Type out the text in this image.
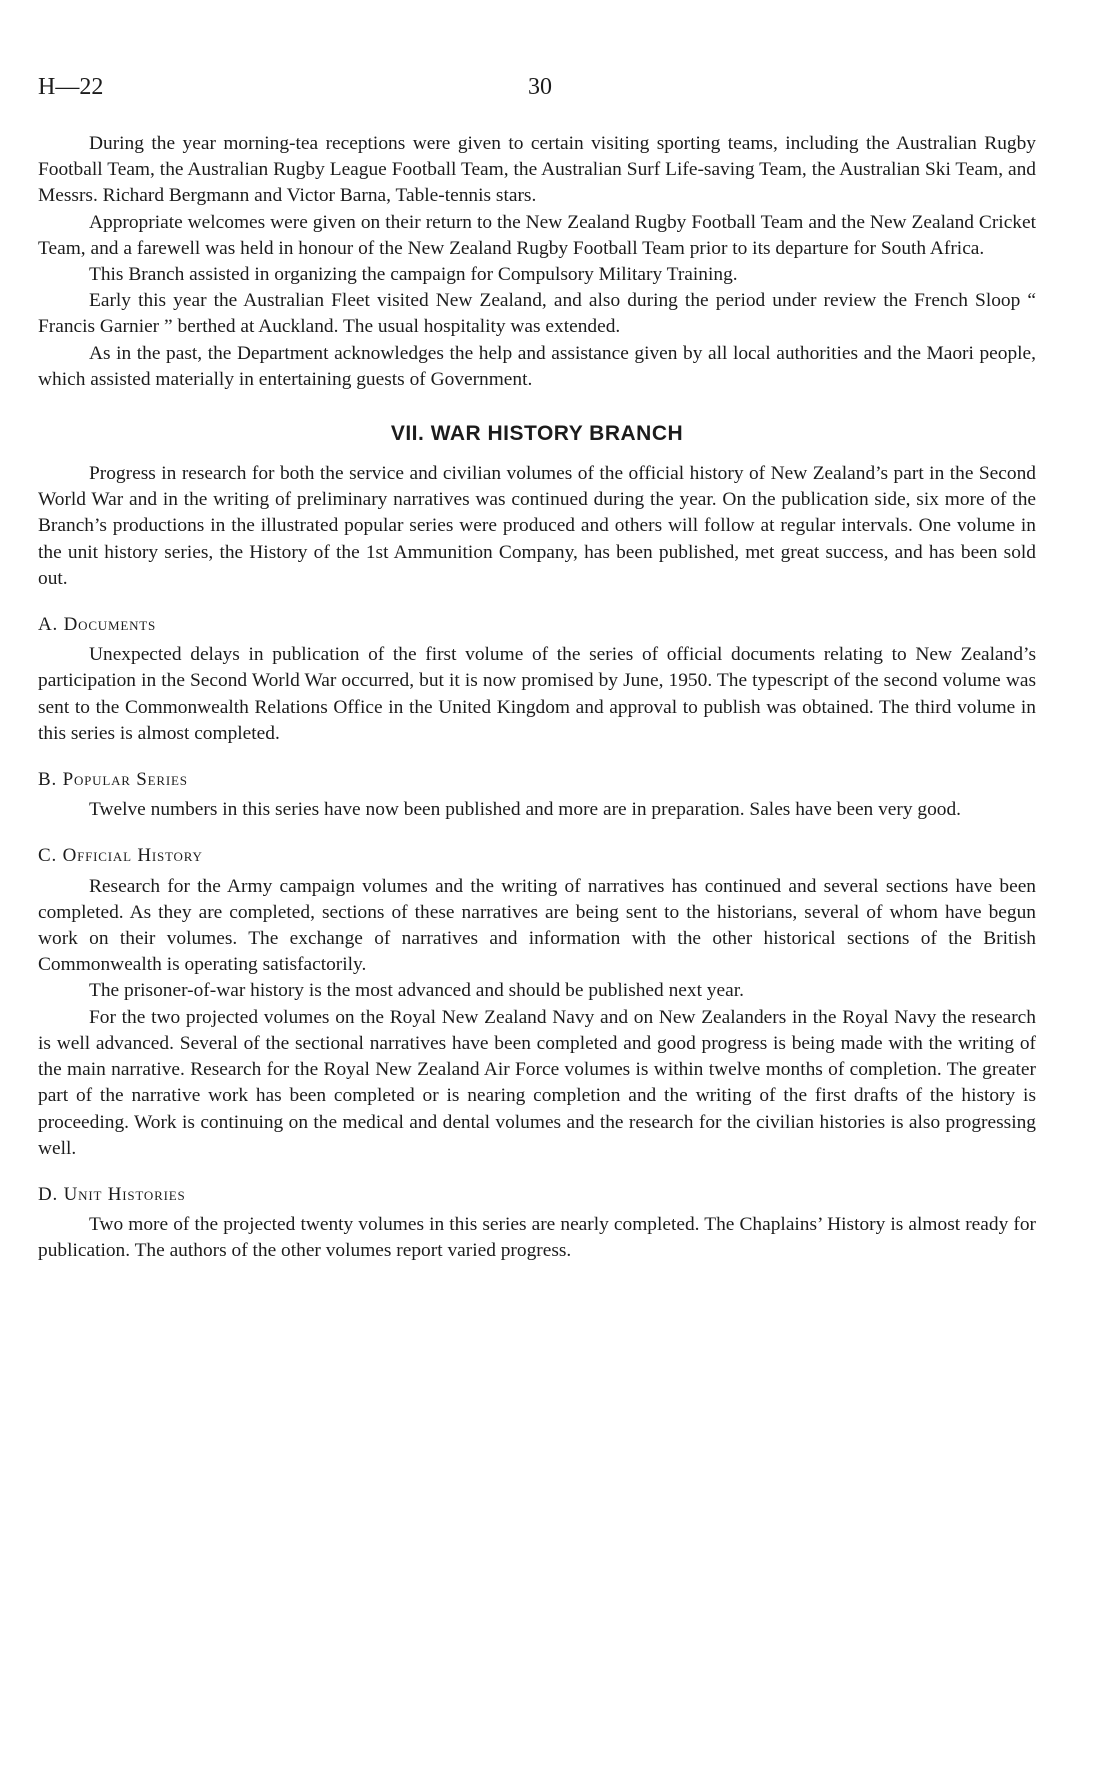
H—22	30

During the year morning-tea receptions were given to certain visiting sporting teams, including the Australian Rugby Football Team, the Australian Rugby League Football Team, the Australian Surf Life-saving Team, the Australian Ski Team, and Messrs. Richard Bergmann and Victor Barna, Table-tennis stars.

Appropriate welcomes were given on their return to the New Zealand Rugby Football Team and the New Zealand Cricket Team, and a farewell was held in honour of the New Zealand Rugby Football Team prior to its departure for South Africa.

This Branch assisted in organizing the campaign for Compulsory Military Training.

Early this year the Australian Fleet visited New Zealand, and also during the period under review the French Sloop “ Francis Garnier ” berthed at Auckland. The usual hospitality was extended.

As in the past, the Department acknowledges the help and assistance given by all local authorities and the Maori people, which assisted materially in entertaining guests of Government.

VII. WAR HISTORY BRANCH

Progress in research for both the service and civilian volumes of the official history of New Zealand’s part in the Second World War and in the writing of preliminary narratives was continued during the year. On the publication side, six more of the Branch’s productions in the illustrated popular series were produced and others will follow at regular intervals. One volume in the unit history series, the History of the 1st Ammunition Company, has been published, met great success, and has been sold out.

A. Documents

Unexpected delays in publication of the first volume of the series of official documents relating to New Zealand’s participation in the Second World War occurred, but it is now promised by June, 1950. The typescript of the second volume was sent to the Commonwealth Relations Office in the United Kingdom and approval to publish was obtained. The third volume in this series is almost completed.

B. Popular Series

Twelve numbers in this series have now been published and more are in preparation. Sales have been very good.

C. Official History

Research for the Army campaign volumes and the writing of narratives has continued and several sections have been completed. As they are completed, sections of these narratives are being sent to the historians, several of whom have begun work on their volumes. The exchange of narratives and information with the other historical sections of the British Commonwealth is operating satisfactorily.

The prisoner-of-war history is the most advanced and should be published next year.

For the two projected volumes on the Royal New Zealand Navy and on New Zealanders in the Royal Navy the research is well advanced. Several of the sectional narratives have been completed and good progress is being made with the writing of the main narrative. Research for the Royal New Zealand Air Force volumes is within twelve months of completion. The greater part of the narrative work has been completed or is nearing completion and the writing of the first drafts of the history is proceeding. Work is continuing on the medical and dental volumes and the research for the civilian histories is also progressing well.

D. Unit Histories

Two more of the projected twenty volumes in this series are nearly completed. The Chaplains’ History is almost ready for publication. The authors of the other volumes report varied progress.
